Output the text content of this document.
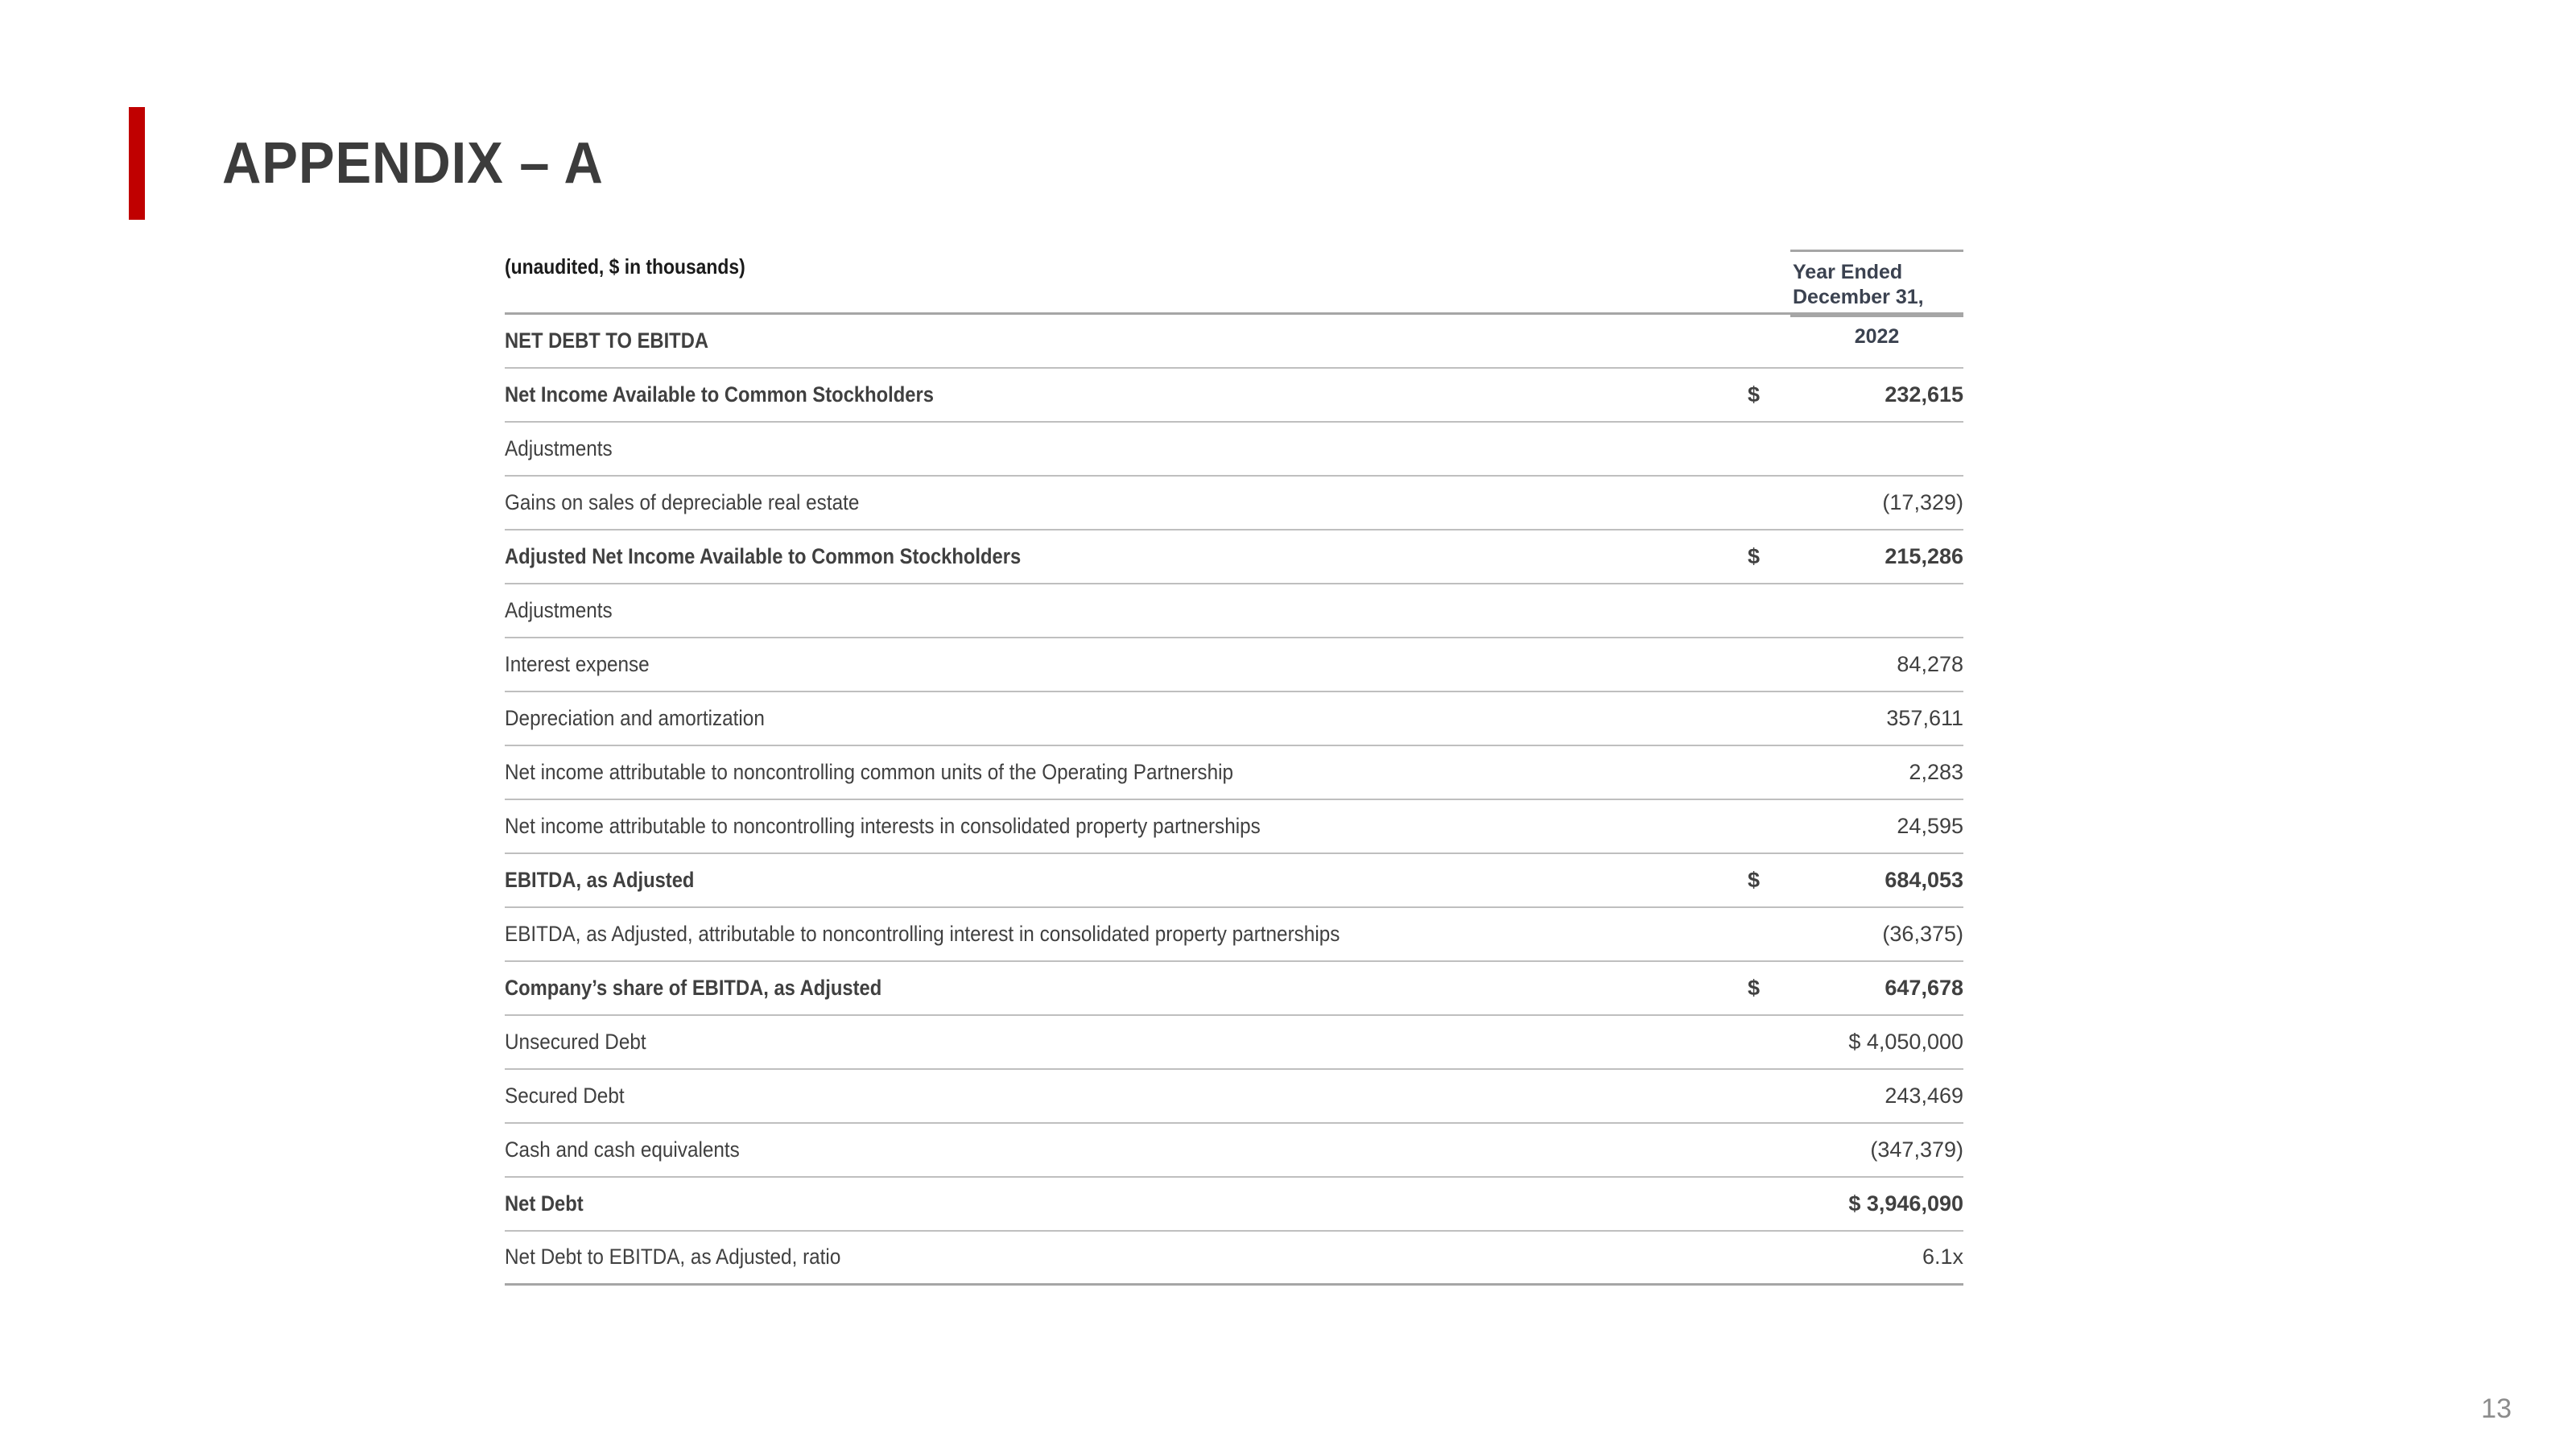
APPENDIX – A
(unaudited, $ in thousands)	Year Ended
December 31,
2022
NET DEBT TO EBITDA		
Net Income Available to Common Stockholders	$	232,615
Adjustments		
Gains on sales of depreciable real estate		(17,329)
Adjusted Net Income Available to Common Stockholders	$	215,286
Adjustments		
Interest expense		84,278
Depreciation and amortization		357,611
Net income attributable to noncontrolling common units of the Operating Partnership		2,283
Net income attributable to noncontrolling interests in consolidated property partnerships		24,595
EBITDA, as Adjusted	$	684,053
EBITDA, as Adjusted, attributable to noncontrolling interest in consolidated property partnerships		(36,375)
Company’s share of EBITDA, as Adjusted	$	647,678
Unsecured Debt		$ 4,050,000
Secured Debt		243,469
Cash and cash equivalents		(347,379)
Net Debt		$ 3,946,090
Net Debt to EBITDA, as Adjusted, ratio		6.1x
13
